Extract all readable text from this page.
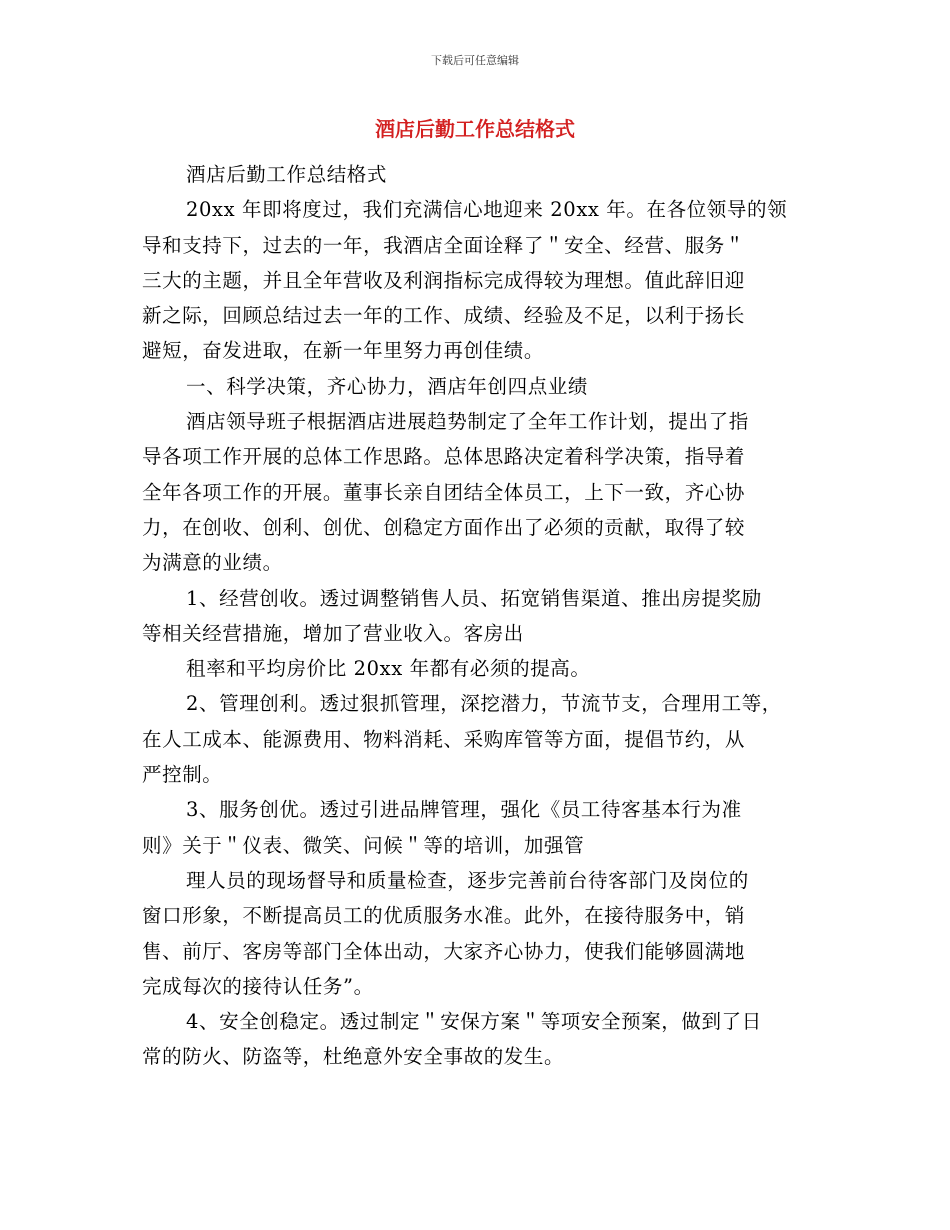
下载后可任意编辑
酒店后勤工作总结格式
酒店后勤工作总结格式
20xx 年即将度过，我们充满信心地迎来 20xx 年。在各位领导的领
导和支持下，过去的一年，我酒店全面诠释了＂安全、经营、服务＂
三大的主题，并且全年营收及利润指标完成得较为理想。值此辞旧迎
新之际，回顾总结过去一年的工作、成绩、经验及不足，以利于扬长
避短，奋发进取，在新一年里努力再创佳绩。
一、科学决策，齐心协力，酒店年创四点业绩
酒店领导班子根据酒店进展趋势制定了全年工作计划，提出了指
导各项工作开展的总体工作思路。总体思路决定着科学决策，指导着
全年各项工作的开展。董事长亲自团结全体员工，上下一致，齐心协
力，在创收、创利、创优、创稳定方面作出了必须的贡献，取得了较
为满意的业绩。
1、经营创收。透过调整销售人员、拓宽销售渠道、推出房提奖励
等相关经营措施，增加了营业收入。客房出
租率和平均房价比 20xx 年都有必须的提高。
2、管理创利。透过狠抓管理，深挖潜力，节流节支，合理用工等，
在人工成本、能源费用、物料消耗、采购库管等方面，提倡节约，从
严控制。
3、服务创优。透过引进品牌管理，强化《员工待客基本行为准
则》关于＂仪表、微笑、问候＂等的培训，加强管
理人员的现场督导和质量检查，逐步完善前台待客部门及岗位的
窗口形象，不断提高员工的优质服务水准。此外，在接待服务中，销
售、前厅、客房等部门全体出动，大家齐心协力，使我们能够圆满地
完成每次的接待认任务”。
4、安全创稳定。透过制定＂安保方案＂等项安全预案，做到了日
常的防火、防盗等，杜绝意外安全事故的发生。
